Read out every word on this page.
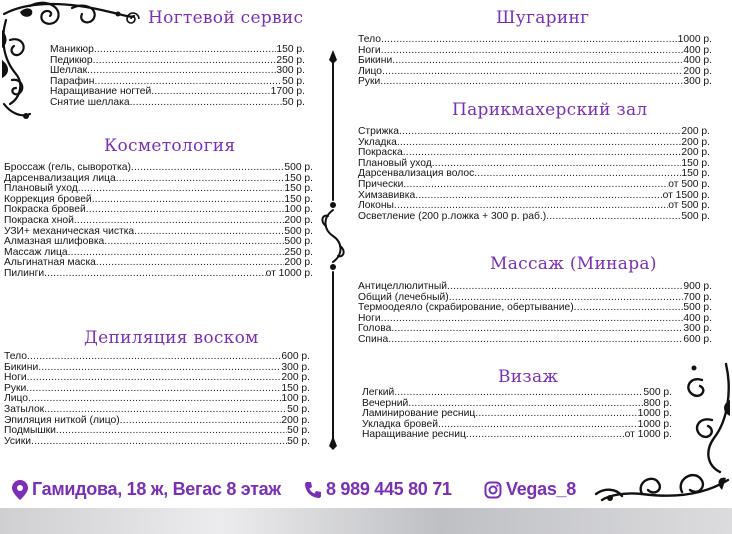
Ногтевой сервис
Маникюр .....	150 р.
Педикюр .....	250 р.
Шеллак .....	300 р.
Парафин .....	50 р.
Наращивание ногтей .....	1700 р.
Снятие шеллака .....	50 р.
Косметология
Броссаж (гель, сыворотка) .....	500 р.
Дарсенвализация лица .....	150 р.
Плановый уход .....	150 р.
Коррекция бровей .....	150 р.
Покраска бровей .....	100 р.
Покраска хной .....	200 р.
УЗИ+ механическая чистка .....	500 р.
Алмазная шлифовка .....	500 р.
Массаж лица .....	250 р.
Альгинатная маска .....	200 р.
Пилинги .....	от 1000 р.
Депиляция воском
Тело .....	600 р.
Бикини .....	300 р.
Ноги .....	200 р.
Руки .....	150 р.
Лицо .....	100 р.
Затылок .....	50 р.
Эпиляция ниткой (лицо) .....	200 р.
Подмышки .....	50 р.
Усики .....	50 р.
Шугаринг
Тело .....	1000 р.
Ноги .....	400 р.
Бикини .....	400 р.
Лицо .....	200 р.
Руки .....	300 р.
Парикмахерский зал
Стрижка .....	200 р.
Укладка .....	200 р.
Покраска .....	200 р.
Плановый уход .....	150 р.
Дарсенвализация волос .....	150 р.
Прически .....	от 500 р.
Химзавивка .....	от 1500 р.
Локоны .....	от 500 р.
Осветление (200 р.ложка + 300 р. раб.) .....	500 р.
Массаж (Минара)
Антицеллюлитный .....	900 р.
Общий (лечебный) .....	700 р.
Термоодеяло (скрабирование, обертывание) .....	500 р.
Ноги .....	400 р.
Голова .....	300 р.
Спина .....	600 р.
Визаж
Легкий .....	500 р.
Вечерний .....	800 р.
Ламинирование ресниц .....	1000 р.
Укладка бровей .....	1000 р.
Наращивание ресниц .....	от 1000 р.
Гамидова, 18 ж, Вегас 8 этаж	8 989 445 80 71	Vegas_8
